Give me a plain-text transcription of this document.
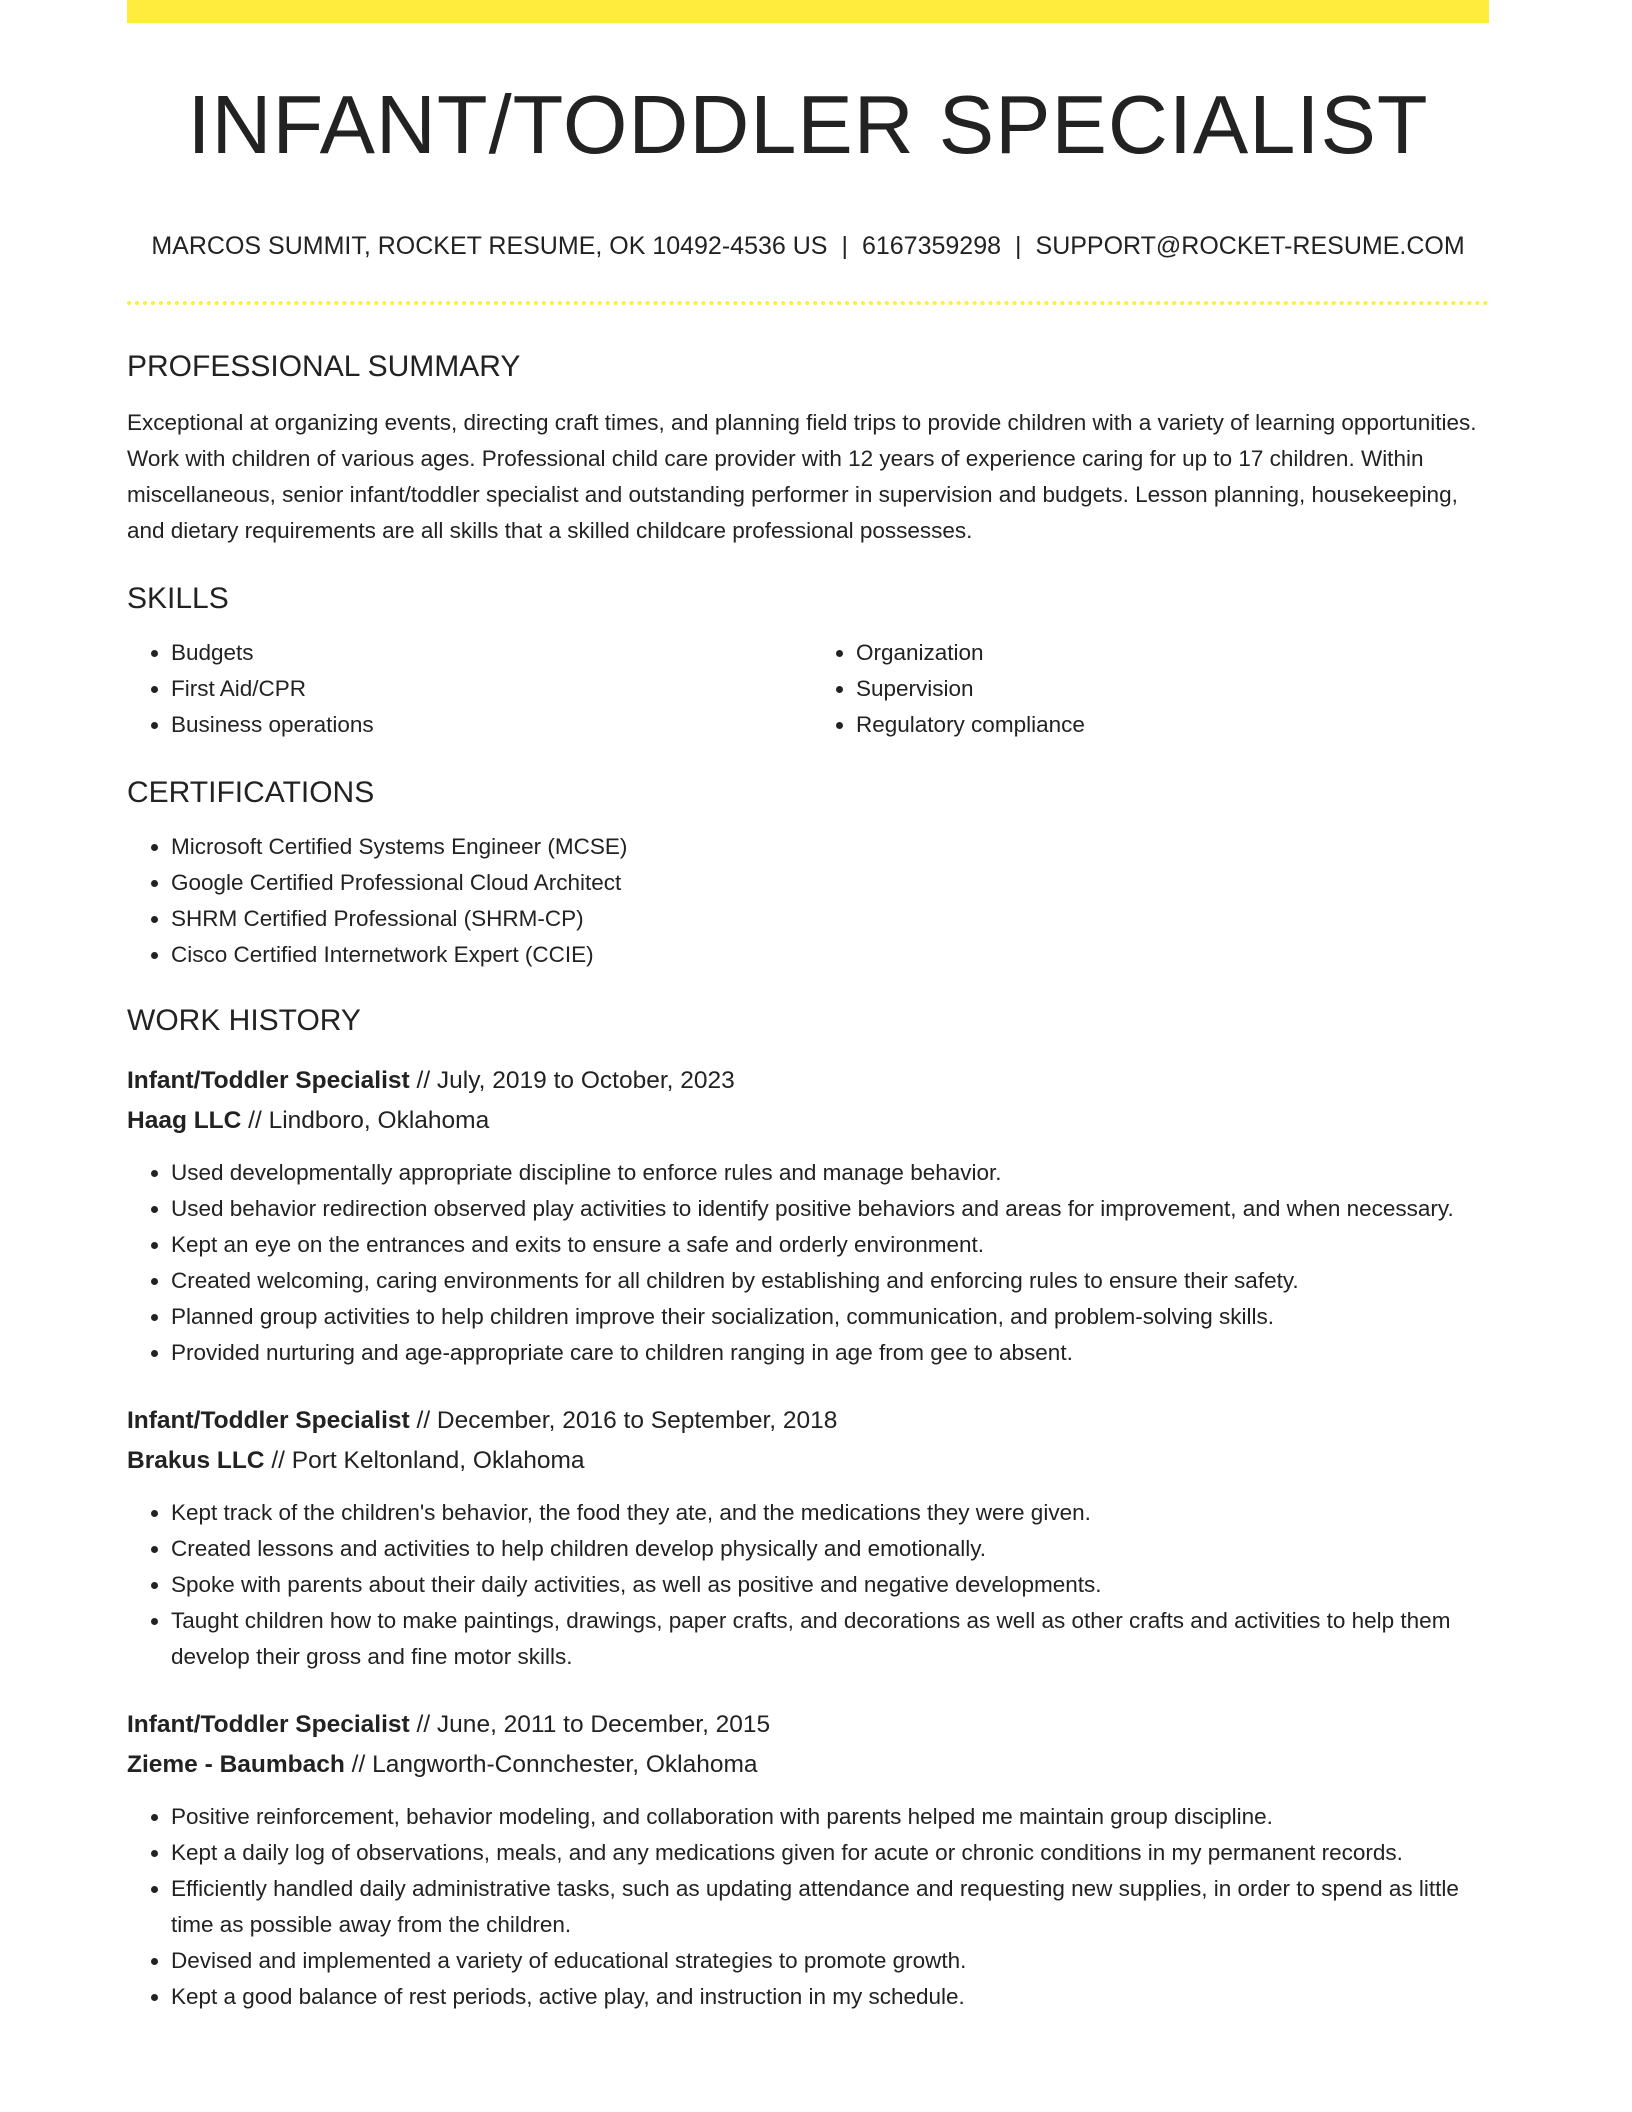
INFANT/TODDLER SPECIALIST
MARCOS SUMMIT, ROCKET RESUME, OK 10492-4536 US | 6167359298 | SUPPORT@ROCKET-RESUME.COM
PROFESSIONAL SUMMARY

Exceptional at organizing events, directing craft times, and planning field trips to provide children with a variety of learning opportunities. Work with children of various ages. Professional child care provider with 12 years of experience caring for up to 17 children. Within miscellaneous, senior infant/toddler specialist and outstanding performer in supervision and budgets. Lesson planning, housekeeping, and dietary requirements are all skills that a skilled childcare professional possesses.

SKILLS
• Budgets
• First Aid/CPR
• Business operations
• Organization
• Supervision
• Regulatory compliance
CERTIFICATIONS
• Microsoft Certified Systems Engineer (MCSE)
• Google Certified Professional Cloud Architect
• SHRM Certified Professional (SHRM-CP)
• Cisco Certified Internetwork Expert (CCIE)
WORK HISTORY
Infant/Toddler Specialist // July, 2019 to October, 2023
Haag LLC // Lindboro, Oklahoma
• Used developmentally appropriate discipline to enforce rules and manage behavior.
• Used behavior redirection observed play activities to identify positive behaviors and areas for improvement, and when necessary.
• Kept an eye on the entrances and exits to ensure a safe and orderly environment.
• Created welcoming, caring environments for all children by establishing and enforcing rules to ensure their safety.
• Planned group activities to help children improve their socialization, communication, and problem-solving skills.
• Provided nurturing and age-appropriate care to children ranging in age from gee to absent.
Infant/Toddler Specialist // December, 2016 to September, 2018
Brakus LLC // Port Keltonland, Oklahoma
• Kept track of the children's behavior, the food they ate, and the medications they were given.
• Created lessons and activities to help children develop physically and emotionally.
• Spoke with parents about their daily activities, as well as positive and negative developments.
• Taught children how to make paintings, drawings, paper crafts, and decorations as well as other crafts and activities to help them develop their gross and fine motor skills.
Infant/Toddler Specialist // June, 2011 to December, 2015
Zieme - Baumbach // Langworth-Connchester, Oklahoma
• Positive reinforcement, behavior modeling, and collaboration with parents helped me maintain group discipline.
• Kept a daily log of observations, meals, and any medications given for acute or chronic conditions in my permanent records.
• Efficiently handled daily administrative tasks, such as updating attendance and requesting new supplies, in order to spend as little time as possible away from the children.
• Devised and implemented a variety of educational strategies to promote growth.
• Kept a good balance of rest periods, active play, and instruction in my schedule.
